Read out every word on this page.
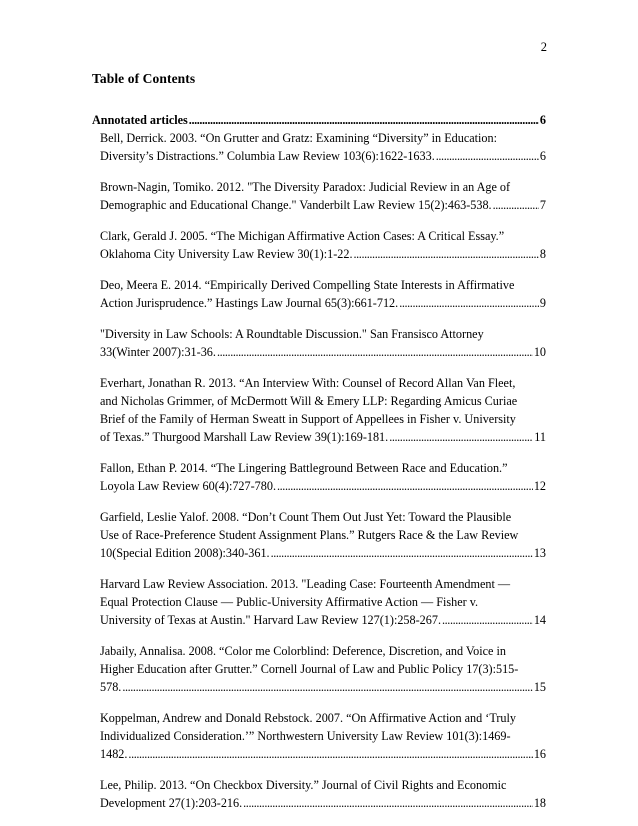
2
Table of Contents
Annotated articles .....	6
Bell, Derrick. 2003. “On Grutter and Gratz: Examining “Diversity” in Education:
Diversity’s Distractions.” Columbia Law Review 103(6):1622-1633. .....	6
Brown-Nagin, Tomiko. 2012. "The Diversity Paradox: Judicial Review in an Age of
Demographic and Educational Change." Vanderbilt Law Review 15(2):463-538. .....	7
Clark, Gerald J. 2005. “The Michigan Affirmative Action Cases: A Critical Essay.”
Oklahoma City University Law Review 30(1):1-22. .....	8
Deo, Meera E. 2014. “Empirically Derived Compelling State Interests in Affirmative
Action Jurisprudence.” Hastings Law Journal 65(3):661-712. .....	9
"Diversity in Law Schools: A Roundtable Discussion." San Fransisco Attorney
33(Winter 2007):31-36. .....	10
Everhart, Jonathan R. 2013. “An Interview With: Counsel of Record Allan Van Fleet,
and Nicholas Grimmer, of McDermott Will & Emery LLP: Regarding Amicus Curiae
Brief of the Family of Herman Sweatt in Support of Appellees in Fisher v. University
of Texas.” Thurgood Marshall Law Review 39(1):169-181. .....	11
Fallon, Ethan P. 2014. “The Lingering Battleground Between Race and Education.”
Loyola Law Review 60(4):727-780. .....	12
Garfield, Leslie Yalof. 2008. “Don’t Count Them Out Just Yet: Toward the Plausible
Use of Race-Preference Student Assignment Plans.” Rutgers Race & the Law Review
10(Special Edition 2008):340-361. .....	13
Harvard Law Review Association. 2013. "Leading Case: Fourteenth Amendment —
Equal Protection Clause — Public-University Affirmative Action — Fisher v.
University of Texas at Austin." Harvard Law Review 127(1):258-267. .....	14
Jabaily, Annalisa. 2008. “Color me Colorblind: Deference, Discretion, and Voice in
Higher Education after Grutter.” Cornell Journal of Law and Public Policy 17(3):515-
578. .....	15
Koppelman, Andrew and Donald Rebstock. 2007. “On Affirmative Action and ‘Truly
Individualized Consideration.’” Northwestern University Law Review 101(3):1469-
1482. .....	16
Lee, Philip. 2013. “On Checkbox Diversity.” Journal of Civil Rights and Economic
Development 27(1):203-216. .....	18
